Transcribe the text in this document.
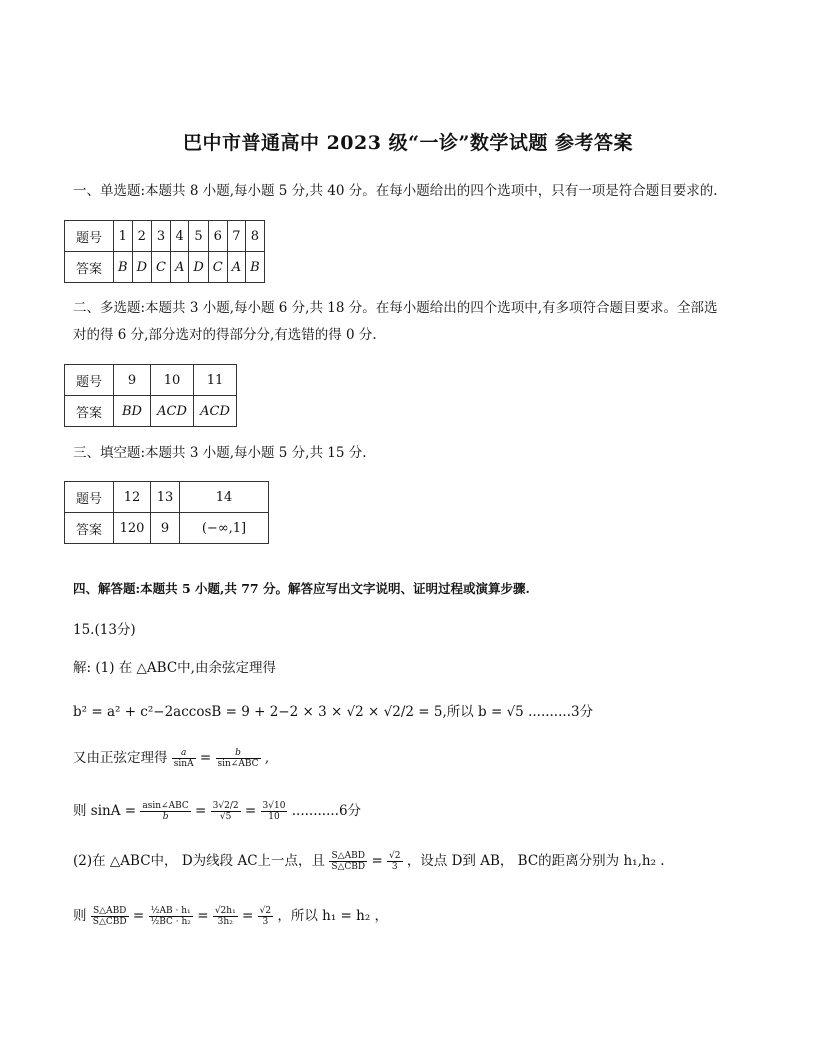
巴中市普通高中 2023 级“一诊”数学试题 参考答案
一、单选题:本题共 8 小题,每小题 5 分,共 40 分。在每小题给出的四个选项中，只有一项是符合题目要求的.
题号	1	2	3	4	5	6	7	8
答案	B	D	C	A	D	C	A	B
二、多选题:本题共 3 小题,每小题 6 分,共 18 分。在每小题给出的四个选项中,有多项符合题目要求。全部选
对的得 6 分,部分选对的得部分分,有选错的得 0 分.
题号	9	10	11
答案	BD	ACD	ACD
三、填空题:本题共 3 小题,每小题 5 分,共 15 分.
题号	12	13	14
答案	120	9	(−∞,1]
四、解答题:本题共 5 小题,共 77 分。解答应写出文字说明、证明过程或演算步骤.
15.(13分)
解: (1) 在 △ABC中,由余弦定理得
b² = a² + c²−2accosB = 9 + 2−2 × 3 × √2 × √2/2 = 5,所以 b = √5 ..........3分
又由正弦定理得 $\frac{a}{\sin A} = \frac{b}{\text{sin∠ABC}}$ ,
则 $\sin A = \frac{\text{asin∠ABC}}{b} = \frac{3√2/2}{√5} = \frac{3√10}{10} ...........6$分
(2)在 △ABC中， D为线段 AC上一点，且 $\frac{\text{S△ABD}}{\text{S△CBD}} = \frac{√2}{3}$ ，设点 D到 AB， BC的距离分别为 h₁,h₂ .
则 $\frac{\text{S△ABD}}{\text{S△CBD}} = \frac{\text{½AB · h₁}}{\text{½BC · h₂}} = \frac{\text{√2h₁}}{\text{3h₂}} = \frac{√2}{3}$ ，所以 h₁ = h₂ ，
